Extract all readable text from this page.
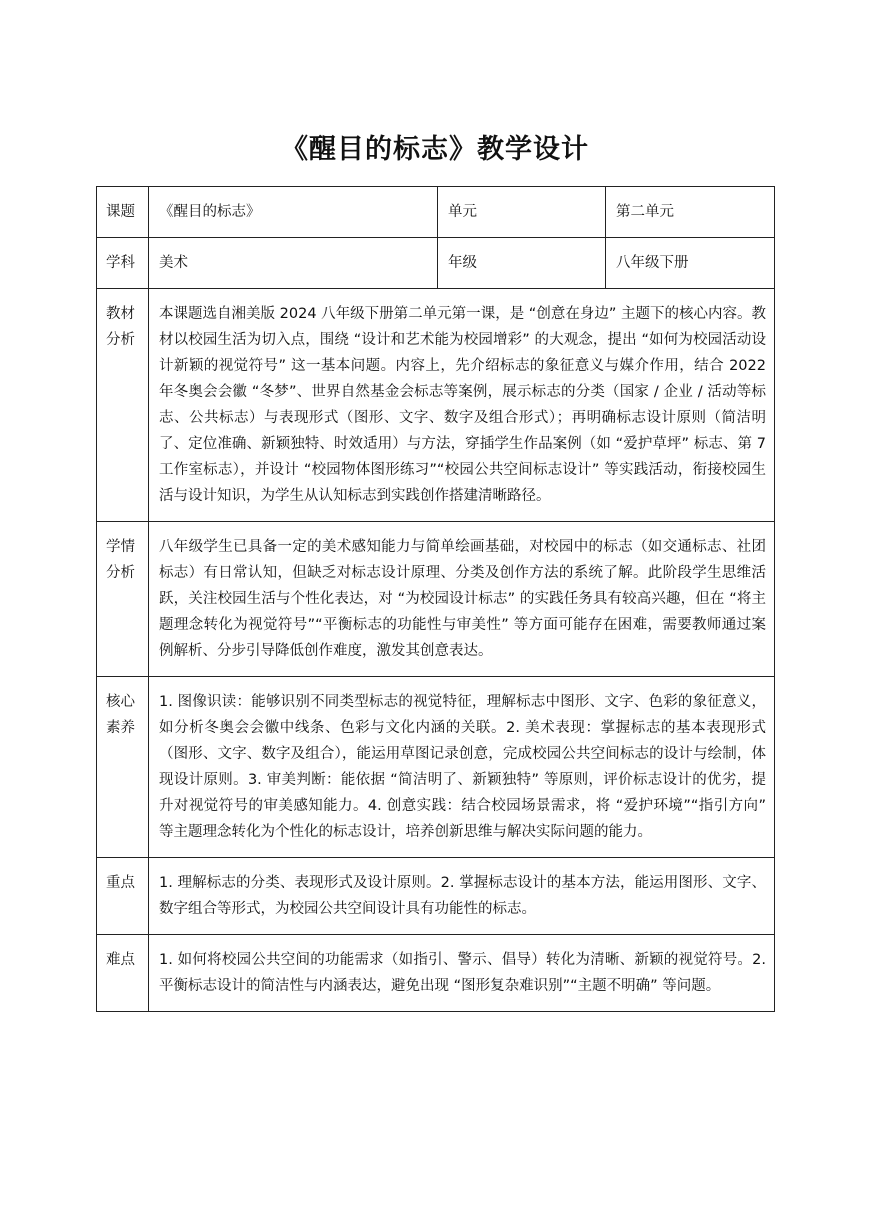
《醒目的标志》教学设计
课题	《醒目的标志》	单元	第二单元
学科	美术	年级	八年级下册
教材分析	本课题选自湘美版 2024 八年级下册第二单元第一课，是 “创意在身边” 主题下的核心内容。教材以校园生活为切入点，围绕 “设计和艺术能为校园增彩” 的大观念，提出 “如何为校园活动设计新颖的视觉符号” 这一基本问题。内容上，先介绍标志的象征意义与媒介作用，结合 2022 年冬奥会会徽 “冬梦”、世界自然基金会标志等案例，展示标志的分类（国家 / 企业 / 活动等标志、公共标志）与表现形式（图形、文字、数字及组合形式）；再明确标志设计原则（简洁明了、定位准确、新颖独特、时效适用）与方法，穿插学生作品案例（如 “爱护草坪” 标志、第 7 工作室标志），并设计 “校园物体图形练习”“校园公共空间标志设计” 等实践活动，衔接校园生活与设计知识，为学生从认知标志到实践创作搭建清晰路径。		
学情分析	八年级学生已具备一定的美术感知能力与简单绘画基础，对校园中的标志（如交通标志、社团标志）有日常认知，但缺乏对标志设计原理、分类及创作方法的系统了解。此阶段学生思维活跃，关注校园生活与个性化表达，对 “为校园设计标志” 的实践任务具有较高兴趣，但在 “将主题理念转化为视觉符号”“平衡标志的功能性与审美性” 等方面可能存在困难，需要教师通过案例解析、分步引导降低创作难度，激发其创意表达。		
核心素养	1. 图像识读：能够识别不同类型标志的视觉特征，理解标志中图形、文字、色彩的象征意义，如分析冬奥会会徽中线条、色彩与文化内涵的关联。2. 美术表现：掌握标志的基本表现形式（图形、文字、数字及组合），能运用草图记录创意，完成校园公共空间标志的设计与绘制，体现设计原则。3. 审美判断：能依据 “简洁明了、新颖独特” 等原则，评价标志设计的优劣，提升对视觉符号的审美感知能力。4. 创意实践：结合校园场景需求，将 “爱护环境”“指引方向” 等主题理念转化为个性化的标志设计，培养创新思维与解决实际问题的能力。		
重点	1. 理解标志的分类、表现形式及设计原则。2. 掌握标志设计的基本方法，能运用图形、文字、数字组合等形式，为校园公共空间设计具有功能性的标志。		
难点	1. 如何将校园公共空间的功能需求（如指引、警示、倡导）转化为清晰、新颖的视觉符号。2. 平衡标志设计的简洁性与内涵表达，避免出现 “图形复杂难识别”“主题不明确” 等问题。		
